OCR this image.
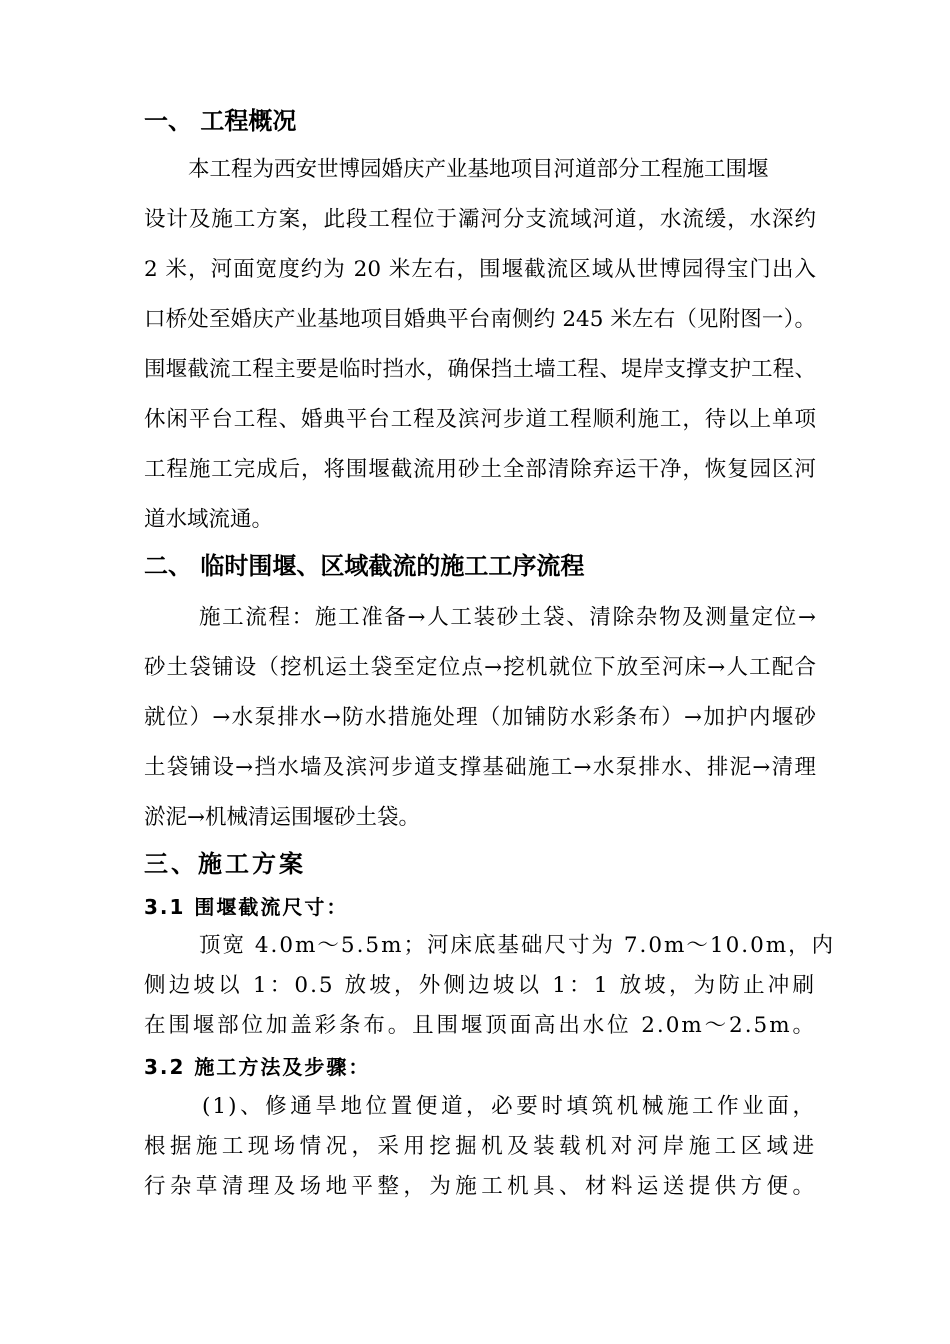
一、 工程概况
本工程为西安世博园婚庆产业基地项目河道部分工程施工围堰
设计及施工方案，此段工程位于灞河分支流域河道，水流缓，水深约
2 米，河面宽度约为 20 米左右，围堰截流区域从世博园得宝门出入
口桥处至婚庆产业基地项目婚典平台南侧约 245 米左右（见附图一）。
围堰截流工程主要是临时挡水，确保挡土墙工程、堤岸支撑支护工程、
休闲平台工程、婚典平台工程及滨河步道工程顺利施工，待以上单项
工程施工完成后，将围堰截流用砂土全部清除弃运干净，恢复园区河
道水域流通。
二、 临时围堰、区域截流的施工工序流程
施工流程：施工准备→人工装砂土袋、清除杂物及测量定位→
砂土袋铺设（挖机运土袋至定位点→挖机就位下放至河床→人工配合
就位）→水泵排水→防水措施处理（加铺防水彩条布）→加护内堰砂
土袋铺设→挡水墙及滨河步道支撑基础施工→水泵排水、排泥→清理
淤泥→机械清运围堰砂土袋。
三、施工方案
3.1 围堰截流尺寸：
顶宽 4.0m～5.5m；河床底基础尺寸为 7.0m～10.0m，内
侧边坡以 1：0.5 放坡，外侧边坡以 1：1 放坡，为防止冲刷
在围堰部位加盖彩条布。且围堰顶面高出水位 2.0m～2.5m。
3.2 施工方法及步骤：
(1)、修通旱地位置便道，必要时填筑机械施工作业面，
根据施工现场情况，采用挖掘机及装载机对河岸施工区域进
行杂草清理及场地平整，为施工机具、材料运送提供方便。
